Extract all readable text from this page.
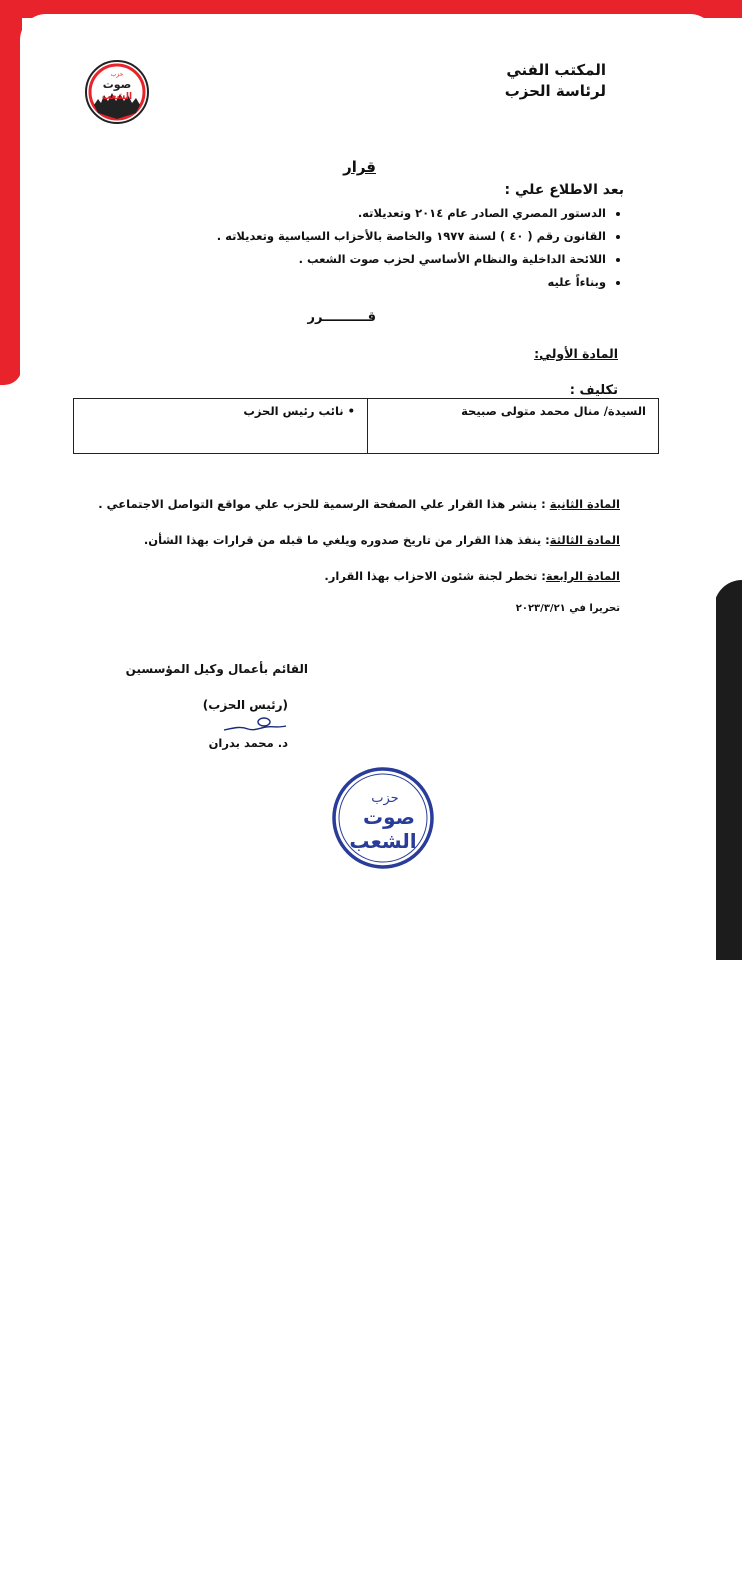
WWW.CMDSERV.COM
المكتب الفني
لرئاسة الحزب
حزب
صوت
الشعب
قرار
بعد الاطلاع علي :
• الدستور المصري الصادر عام ٢٠١٤ وتعديلاته.
• القانون رقم ( ٤٠ ) لسنة ١٩٧٧ والخاصة بالأحزاب السياسية وتعديلاته .
• اللائحة الداخلية والنظام الأساسي لحزب صوت الشعب .
• وبناءاً عليه
قــــــــــرر
المادة الأولي:
تكليف :
السيدة/ منال محمد متولى صبيحة	• نائب رئيس الحزب
المادة الثانية : ينشر هذا القرار علي الصفحة الرسمية للحزب علي مواقع التواصل الاجتماعي .
المادة الثالثة: ينفذ هذا القرار من تاريخ صدوره ويلغي ما قبله من قرارات بهذا الشأن.
المادة الرابعة: تخطر لجنة شئون الاحزاب بهذا القرار.
تحريرا في ٢٠٢٣/٣/٢١
القائم بأعمال وكيل المؤسسين
(رئيس الحزب)
د. محمد بدران
حزب
صوت
الشعب
